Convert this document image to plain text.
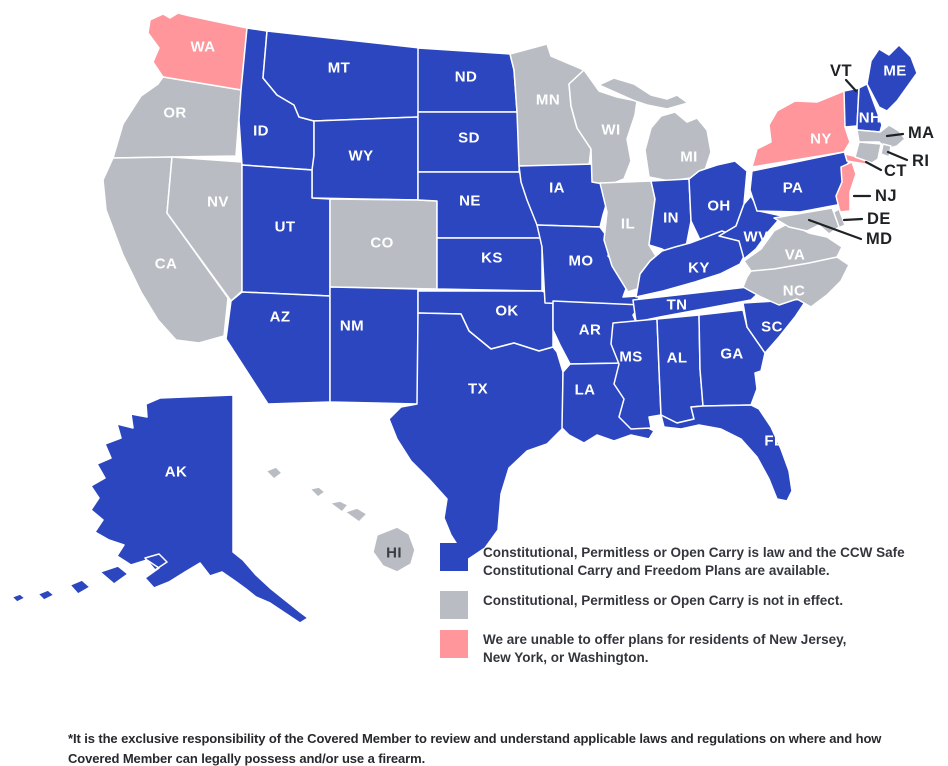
WA
OR
CA
NV
ID
MT
WY
UT
CO
AZ
NM
ND
SD
NE
KS
OK
TX
MN
IA
MO
AR
LA
WI
MI
IL IN
OH
KY
TN
MS AL GA
FL
SC
NC
VA
WV
PA
NY
NH
ME
AK
HI
VT
MA
RI
CT
NJ
DE
MD
Constitutional, Permitless or Open Carry is law and the CCW Safe
Constitutional Carry and Freedom Plans are available.
Constitutional, Permitless or Open Carry is not in effect.
We are unable to offer plans for residents of New Jersey,
New York, or Washington.
*It is the exclusive responsibility of the Covered Member to review and understand applicable laws and regulations on where and how
Covered Member can legally possess and/or use a firearm.
